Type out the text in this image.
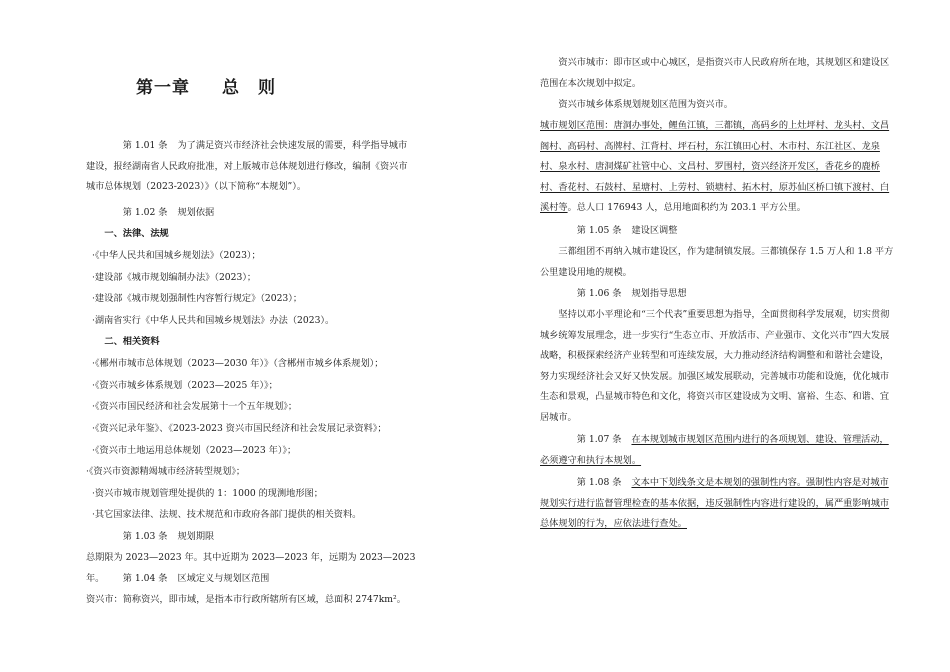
第一章 总　则
第 1.01 条 为了满足资兴市经济社会快速发展的需要，科学指导城市建设，报经湖南省人民政府批准，对上版城市总体规划进行修改，编制《资兴市城市总体规划（2023-2023）》（以下简称“本规划”）。
第 1.02 条 规划依据
一、法律、法规
·《中华人民共和国城乡规划法》（2023）；
·建设部《城市规划编制办法》（2023）；
·建设部《城市规划强制性内容暂行规定》（2023）；
·湖南省实行《中华人民共和国城乡规划法》办法（2023）。
二、相关资料
·《郴州市城市总体规划（2023—2030 年）》（含郴州市城乡体系规划）；
·《资兴市城乡体系规划（2023—2025 年）》；
·《资兴市国民经济和社会发展第十一个五年规划》；
·《资兴记录年鉴》、《2023-2023 资兴市国民经济和社会发展记录资料》；
·《资兴市土地运用总体规划（2023—2023 年）》；
·《资兴市资源精竭城市经济转型规划》；
·资兴市城市规划管理处提供的 1：1000 的现测地形图；
·其它国家法律、法规、技术规范和市政府各部门提供的相关资料。
第 1.03 条 规划期限
总期限为 2023—2023 年。其中近期为 2023—2023 年，远期为 2023—2023 年。	第 1.04 条 区域定义与规划区范围
资兴市：简称资兴，即市域，是指本市行政所辖所有区域，总面积 2747km²。
资兴市城市：即市区或中心城区，是指资兴市人民政府所在地，其规划区和建设区范围在本次规划中拟定。
资兴市城乡体系规划规划区范围为资兴市。
城市规划区范围：唐洞办事处，鲤鱼江镇，三都镇，高码乡的上灶坪村、龙头村、文昌阁村、高码村、高牌村、江背村、坪石村，东江镇田心村、木市村、东江社区、龙泉村、泉水村、唐洞煤矿社管中心、文昌村、罗围村，资兴经济开发区，香花乡的鹿桥村、香花村、石鼓村、星塘村、上劳村、锁塘村、拓木村，原苏仙区桥口镇下渡村、白溪村等。总人口 176943 人，总用地面积约为 203.1 平方公里。
第 1.05 条 建设区调整
三都组团不再纳入城市建设区，作为建制镇发展。三都镇保存 1.5 万人和 1.8 平方公里建设用地的规模。
第 1.06 条 规划指导思想
坚持以邓小平理论和“三个代表”重要思想为指导，全面贯彻科学发展观，切实贯彻城乡统筹发展理念，进一步实行“生态立市、开放活市、产业强市、文化兴市”四大发展战略，积极探索经济产业转型和可连续发展，大力推动经济结构调整和和谐社会建设，努力实现经济社会又好又快发展。加强区域发展联动，完善城市功能和设施，优化城市生态和景观，凸显城市特色和文化，将资兴市区建设成为文明、富裕、生态、和谐、宜居城市。
第 1.07 条 在本规划城市规划区范围内进行的各项规划、建设、管理活动，必须遵守和执行本规划。
第 1.08 条 文本中下划线条文是本规划的强制性内容。强制性内容是对城市规划实行进行监督管理检查的基本依据，违反强制性内容进行建设的，属严重影响城市总体规划的行为，应依法进行查处。
